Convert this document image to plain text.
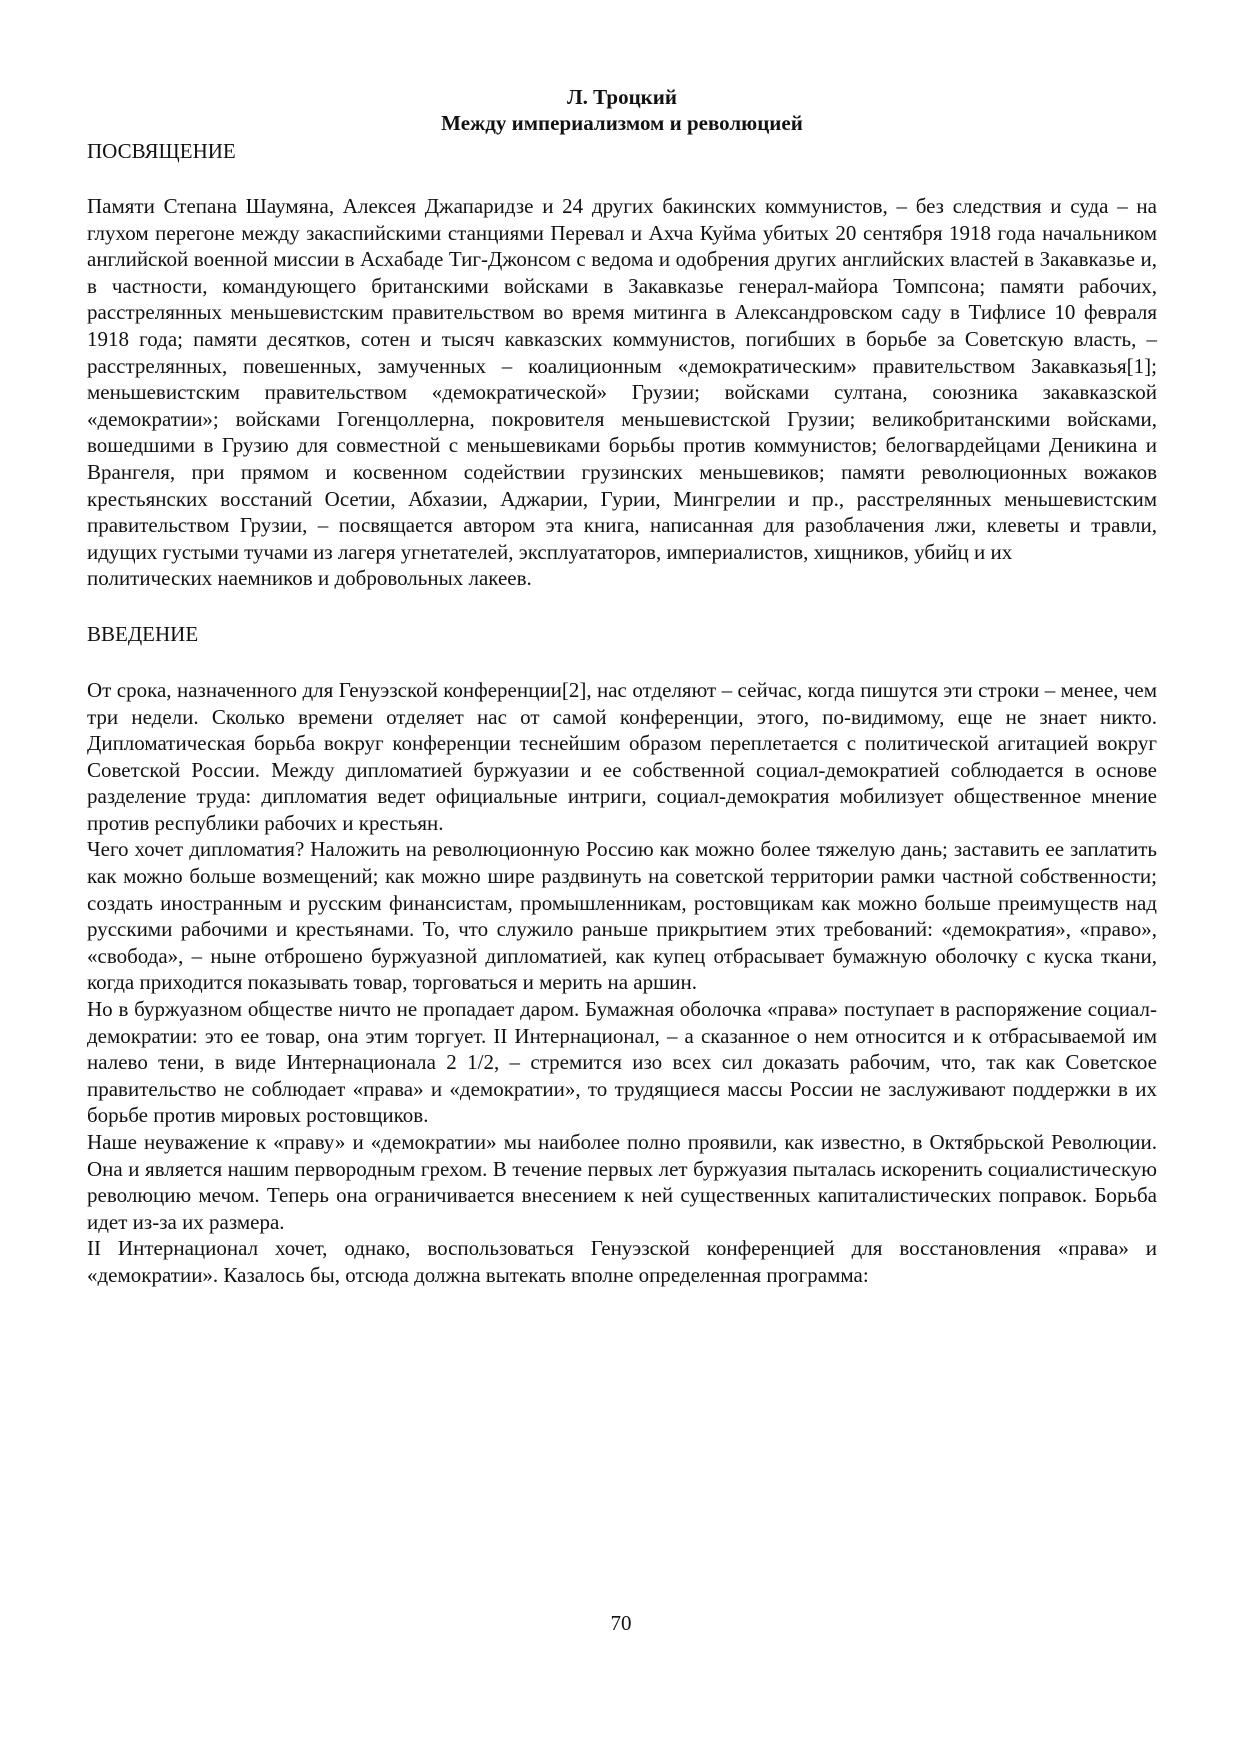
Л. Троцкий

Между империализмом и революцией

ПОСВЯЩЕНИЕ

Памяти Степана Шаумяна, Алексея Джапаридзе и 24 других бакинских коммунистов, – без следствия и суда – на глухом перегоне между закаспийскими станциями Перевал и Ахча Куйма убитых 20 сентября 1918 года начальником английской военной миссии в Асхабаде Тиг-Джонсом с ведома и одобрения других английских властей в Закавказье и, в частности, командующего британскими войсками в Закавказье генерал-майора Томпсона; памяти рабочих, расстрелянных меньшевистским правительством во время митинга в Александровском саду в Тифлисе 10 февраля 1918 года; памяти десятков, сотен и тысяч кавказских коммунистов, погибших в борьбе за Советскую власть, – расстрелянных, повешенных, замученных – коалиционным «демократическим» правительством Закавказья[1]; меньшевистским правительством «демократической» Грузии; войсками султана, союзника закавказской «демократии»; войсками Гогенцоллерна, покровителя меньшевистской Грузии; великобританскими войсками, вошедшими в Грузию для совместной с меньшевиками борьбы против коммунистов; белогвардейцами Деникина и Врангеля, при прямом и косвенном содействии грузинских меньшевиков; памяти революционных вожаков крестьянских восстаний Осетии, Абхазии, Аджарии, Гурии, Мингрелии и пр., расстрелянных меньшевистским правительством Грузии, – посвящается автором эта книга, написанная для разоблачения лжи, клеветы и травли, идущих густыми тучами из лагеря угнетателей, эксплуататоров, империалистов, хищников, убийц и их

политических наемников и добровольных лакеев.

ВВЕДЕНИЕ

От срока, назначенного для Генуэзской конференции[2], нас отделяют – сейчас, когда пишутся эти строки – менее, чем три недели. Сколько времени отделяет нас от самой конференции, этого, по-видимому, еще не знает никто. Дипломатическая борьба вокруг конференции теснейшим образом переплетается с политической агитацией вокруг Советской России. Между дипломатией буржуазии и ее собственной социал-демократией соблюдается в основе разделение труда: дипломатия ведет официальные интриги, социал-демократия мобилизует общественное мнение против республики рабочих и крестьян.

Чего хочет дипломатия? Наложить на революционную Россию как можно более тяжелую дань; заставить ее заплатить как можно больше возмещений; как можно шире раздвинуть на советской территории рамки частной собственности; создать иностранным и русским финансистам, промышленникам, ростовщикам как можно больше преимуществ над русскими рабочими и крестьянами. То, что служило раньше прикрытием этих требований: «демократия», «право», «свобода», – ныне отброшено буржуазной дипломатией, как купец отбрасывает бумажную оболочку с куска ткани, когда приходится показывать товар, торговаться и мерить на аршин.

Но в буржуазном обществе ничто не пропадает даром. Бумажная оболочка «права» поступает в распоряжение социал-демократии: это ее товар, она этим торгует. II Интернационал, – а сказанное о нем относится и к отбрасываемой им налево тени, в виде Интернационала 2 1/2, – стремится изо всех сил доказать рабочим, что, так как Советское правительство не соблюдает «права» и «демократии», то трудящиеся массы России не заслуживают поддержки в их борьбе против мировых ростовщиков.

Наше неуважение к «праву» и «демократии» мы наиболее полно проявили, как известно, в Октябрьской Революции. Она и является нашим первородным грехом. В течение первых лет буржуазия пыталась искоренить социалистическую революцию мечом. Теперь она ограничивается внесением к ней существенных капиталистических поправок. Борьба идет из-за их размера.

II Интернационал хочет, однако, воспользоваться Генуэзской конференцией для восстановления «права» и «демократии». Казалось бы, отсюда должна вытекать вполне определенная программа:

70
